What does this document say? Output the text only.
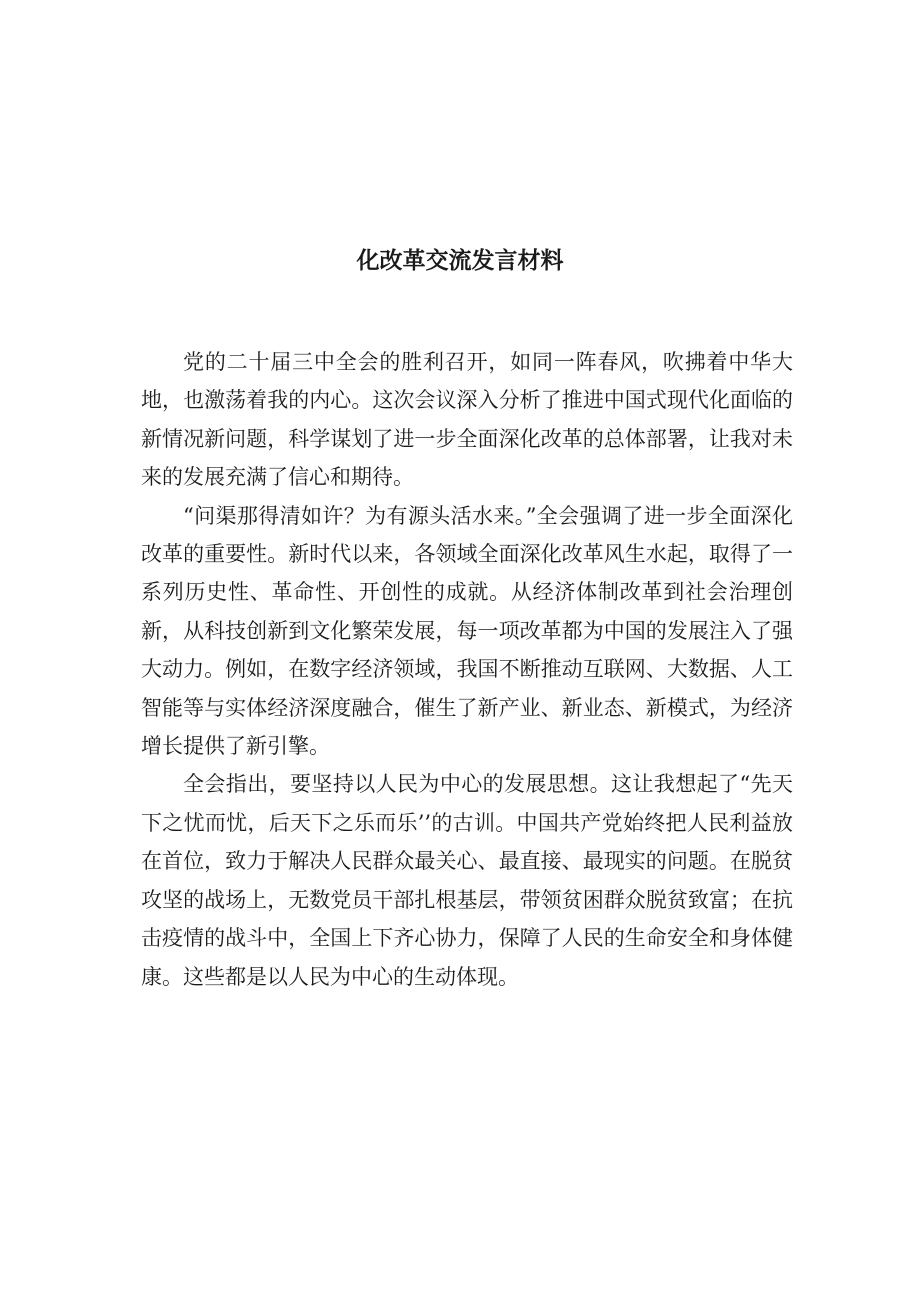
化改革交流发言材料

党的二十届三中全会的胜利召开，如同一阵春风，吹拂着中华大地，也激荡着我的内心。这次会议深入分析了推进中国式现代化面临的新情况新问题，科学谋划了进一步全面深化改革的总体部署，让我对未来的发展充满了信心和期待。

“问渠那得清如许？为有源头活水来。”全会强调了进一步全面深化改革的重要性。新时代以来，各领域全面深化改革风生水起，取得了一系列历史性、革命性、开创性的成就。从经济体制改革到社会治理创新，从科技创新到文化繁荣发展，每一项改革都为中国的发展注入了强大动力。例如，在数字经济领域，我国不断推动互联网、大数据、人工智能等与实体经济深度融合，催生了新产业、新业态、新模式，为经济增长提供了新引擎。

全会指出，要坚持以人民为中心的发展思想。这让我想起了“先天下之忧而忧，后天下之乐而乐’’的古训。中国共产党始终把人民利益放在首位，致力于解决人民群众最关心、最直接、最现实的问题。在脱贫攻坚的战场上，无数党员干部扎根基层，带领贫困群众脱贫致富；在抗击疫情的战斗中，全国上下齐心协力，保障了人民的生命安全和身体健康。这些都是以人民为中心的生动体现。
